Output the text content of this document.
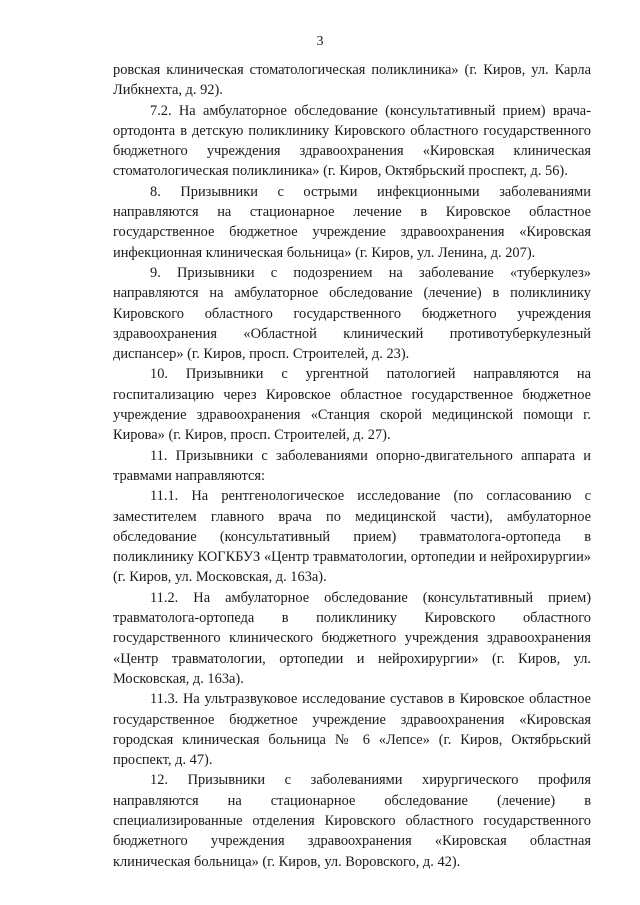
3

ровская клиническая стоматологическая поликлиника» (г. Киров, ул. Карла Либкнехта, д. 92).

7.2. На амбулаторное обследование (консультативный прием) врача-ортодонта в детскую поликлинику Кировского областного государственного бюджетного учреждения здравоохранения «Кировская клиническая стоматологическая поликлиника» (г. Киров, Октябрьский проспект, д. 56).

8. Призывники с острыми инфекционными заболеваниями направляются на стационарное лечение в Кировское областное государственное бюджетное учреждение здравоохранения «Кировская инфекционная клиническая больница» (г. Киров, ул. Ленина, д. 207).

9. Призывники с подозрением на заболевание «туберкулез» направляются на амбулаторное обследование (лечение) в поликлинику Кировского областного государственного бюджетного учреждения здравоохранения «Областной клинический противотуберкулезный диспансер» (г. Киров, просп. Строителей, д. 23).

10. Призывники с ургентной патологией направляются на госпитализацию через Кировское областное государственное бюджетное учреждение здравоохранения «Станция скорой медицинской помощи г. Кирова» (г. Киров, просп. Строителей, д. 27).

11. Призывники с заболеваниями опорно-двигательного аппарата и травмами направляются:

11.1. На рентгенологическое исследование (по согласованию с заместителем главного врача по медицинской части), амбулаторное обследование (консультативный прием) травматолога-ортопеда в поликлинику КОГКБУЗ «Центр травматологии, ортопедии и нейрохирургии» (г. Киров, ул. Московская, д. 163а).

11.2. На амбулаторное обследование (консультативный прием) травматолога-ортопеда в поликлинику Кировского областного государственного клинического бюджетного учреждения здравоохранения «Центр травматологии, ортопедии и нейрохирургии» (г. Киров, ул. Московская, д. 163а).

11.3. На ультразвуковое исследование суставов в Кировское областное государственное бюджетное учреждение здравоохранения «Кировская городская клиническая больница № 6 «Лепсе» (г. Киров, Октябрьский проспект, д. 47).

12. Призывники с заболеваниями хирургического профиля направляются на стационарное обследование (лечение) в специализированные отделения Кировского областного государственного бюджетного учреждения здравоохранения «Кировская областная клиническая больница» (г. Киров, ул. Воровского, д. 42).
